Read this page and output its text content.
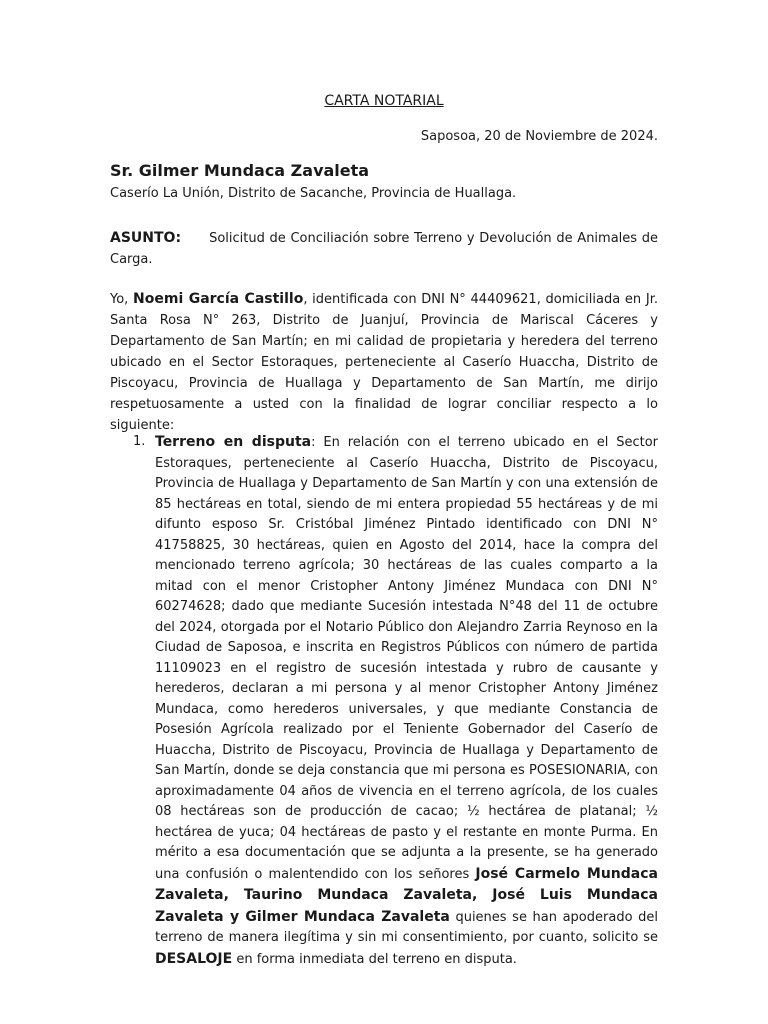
CARTA NOTARIAL
Saposoa, 20 de Noviembre de 2024.
Sr. Gilmer Mundaca Zavaleta
Caserío La Unión, Distrito de Sacanche, Provincia de Huallaga.
ASUNTO: Solicitud de Conciliación sobre Terreno y Devolución de Animales de Carga.
Yo, Noemi García Castillo, identificada con DNI N° 44409621, domiciliada en Jr. Santa Rosa N° 263, Distrito de Juanjuí, Provincia de Mariscal Cáceres y Departamento de San Martín; en mi calidad de propietaria y heredera del terreno ubicado en el Sector Estoraques, perteneciente al Caserío Huaccha, Distrito de Piscoyacu, Provincia de Huallaga y Departamento de San Martín, me dirijo respetuosamente a usted con la finalidad de lograr conciliar respecto a lo siguiente:
1. Terreno en disputa: En relación con el terreno ubicado en el Sector Estoraques, perteneciente al Caserío Huaccha, Distrito de Piscoyacu, Provincia de Huallaga y Departamento de San Martín y con una extensión de 85 hectáreas en total, siendo de mi entera propiedad 55 hectáreas y de mi difunto esposo Sr. Cristóbal Jiménez Pintado identificado con DNI N° 41758825, 30 hectáreas, quien en Agosto del 2014, hace la compra del mencionado terreno agrícola; 30 hectáreas de las cuales comparto a la mitad con el menor Cristopher Antony Jiménez Mundaca con DNI N° 60274628; dado que mediante Sucesión intestada N°48 del 11 de octubre del 2024, otorgada por el Notario Público don Alejandro Zarria Reynoso en la Ciudad de Saposoa, e inscrita en Registros Públicos con número de partida 11109023 en el registro de sucesión intestada y rubro de causante y herederos, declaran a mi persona y al menor Cristopher Antony Jiménez Mundaca, como herederos universales, y que mediante Constancia de Posesión Agrícola realizado por el Teniente Gobernador del Caserío de Huaccha, Distrito de Piscoyacu, Provincia de Huallaga y Departamento de San Martín, donde se deja constancia que mi persona es POSESIONARIA, con aproximadamente 04 años de vivencia en el terreno agrícola, de los cuales 08 hectáreas son de producción de cacao; ½ hectárea de platanal; ½ hectárea de yuca; 04 hectáreas de pasto y el restante en monte Purma. En mérito a esa documentación que se adjunta a la presente, se ha generado una confusión o malentendido con los señores José Carmelo Mundaca Zavaleta, Taurino Mundaca Zavaleta, José Luis Mundaca Zavaleta y Gilmer Mundaca Zavaleta quienes se han apoderado del terreno de manera ilegítima y sin mi consentimiento, por cuanto, solicito se DESALOJE en forma inmediata del terreno en disputa.
